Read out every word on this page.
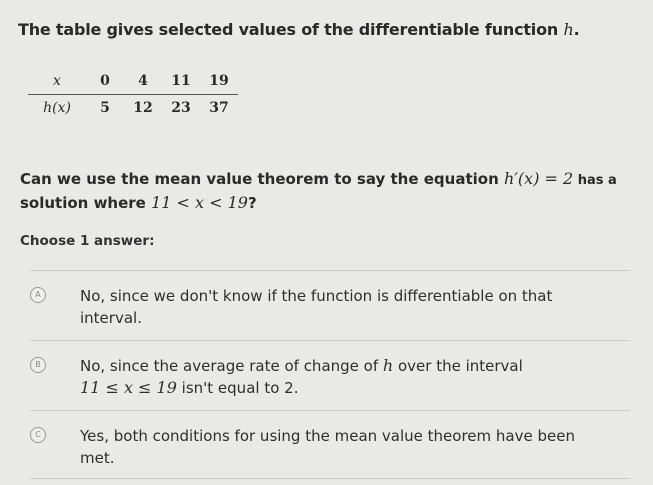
The table gives selected values of the differentiable function h.
x	0	4	11	19
h(x)	5	12	23	37
Can we use the mean value theorem to say the equation h′(x) = 2 has a
solution where 11 < x < 19?
Choose 1 answer:
A	No, since we don't know if the function is differentiable on that
interval.
B	No, since the average rate of change of h over the interval
11 ≤ x ≤ 19 isn't equal to 2.
C	Yes, both conditions for using the mean value theorem have been
met.
